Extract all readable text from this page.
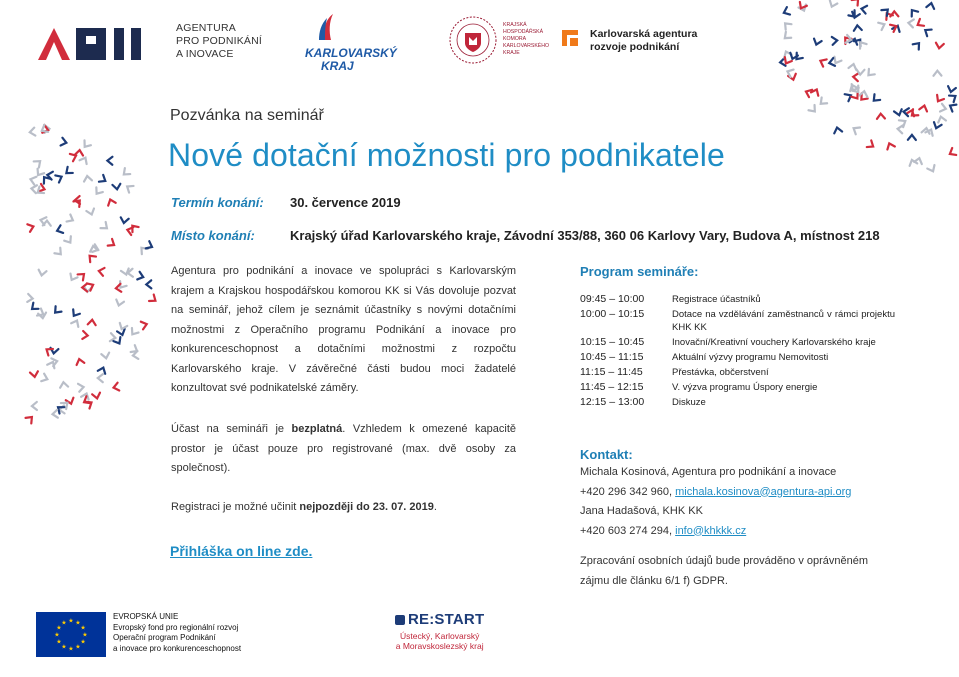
AGENTURA
PRO PODNIKÁNÍ
A INOVACE	KARLOVARSKÝ
KRAJ
KRAJSKÁ
HOSPODÁŘSKÁ
KOMORA
KARLOVARSKÉHO
KRAJE
Karlovarská agentura
rozvoje podnikání
Pozvánka na seminář
Nové dotační možnosti pro podnikatele
Termín konání: 30. července 2019
Místo konání:	Krajský úřad Karlovarského kraje, Závodní 353/88, 360 06 Karlovy Vary, Budova A, místnost 218
Agentura pro podnikání a inovace ve spolupráci s Karlovarským krajem a Krajskou hospodářskou komorou KK si Vás dovoluje pozvat na seminář, jehož cílem je seznámit účastníky s novými dotačními možnostmi z Operačního programu Podnikání a inovace pro konkurenceschopnost a dotačními možnostmi z rozpočtu Karlovarského kraje. V závěrečné části budou moci žadatelé konzultovat své podnikatelské záměry.
Účast na semináři je bezplatná. Vzhledem k omezené kapacitě prostor je účast pouze pro registrované (max. dvě osoby za společnost).
Registraci je možné učinit nejpozději do 23. 07. 2019.
Přihláška on line zde.
Program semináře:
09:45 – 10:00	Registrace účastníků
10:00 – 10:15	Dotace na vzdělávání zaměstnanců v rámci projektu KHK KK
10:15 – 10:45	Inovační/Kreativní vouchery Karlovarského kraje
10:45 – 11:15	Aktuální výzvy programu Nemovitosti
11:15 – 11:45	Přestávka, občerstvení
11:45 – 12:15	V. výzva programu Úspory energie
12:15 – 13:00	Diskuze
Kontakt:
Michala Kosinová, Agentura pro podnikání a inovace
+420 296 342 960, michala.kosinova@agentura-api.org
Jana Hadašová, KHK KK
+420 603 274 294, info@khkkk.cz
Zpracování osobních údajů bude prováděno v oprávněném zájmu dle článku 6/1 f) GDPR.
★
★
★
★
★
★
★
★
★ ★ ★
★
EVROPSKÁ UNIE
Evropský fond pro regionální rozvoj
Operační program Podnikání
a inovace pro konkurenceschopnost
RE:START
Ústecký, Karlovarský
a Moravskoslezský kraj
